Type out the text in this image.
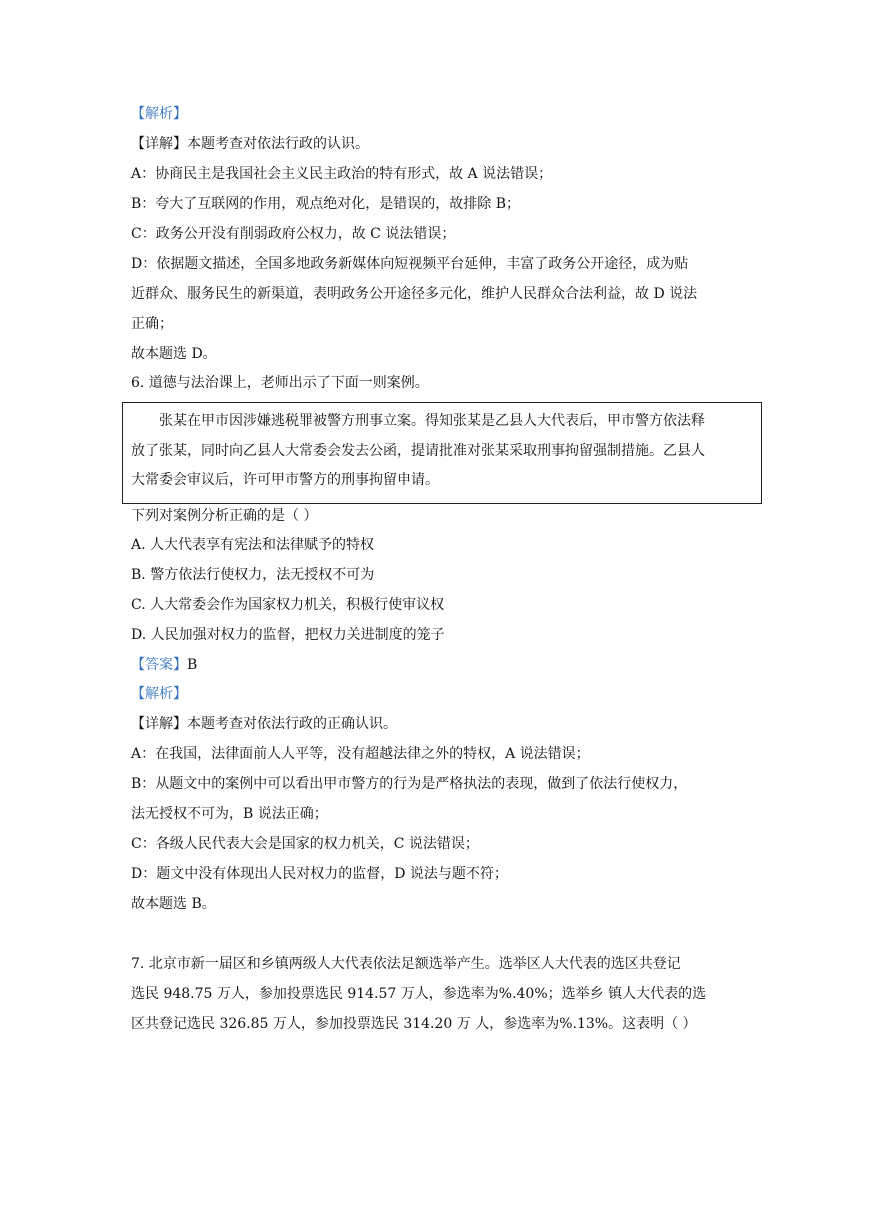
【解析】
【详解】本题考查对依法行政的认识。
A：协商民主是我国社会主义民主政治的特有形式，故 A 说法错误；
B：夸大了互联网的作用，观点绝对化，是错误的，故排除 B；
C：政务公开没有削弱政府公权力，故 C 说法错误；
D：依据题文描述，全国多地政务新媒体向短视频平台延伸，丰富了政务公开途径，成为贴
近群众、服务民生的新渠道，表明政务公开途径多元化，维护人民群众合法利益，故 D 说法
正确；
故本题选 D。
6. 道德与法治课上，老师出示了下面一则案例。
张某在甲市因涉嫌逃税罪被警方刑事立案。得知张某是乙县人大代表后，甲市警方依法释
放了张某，同时向乙县人大常委会发去公函，提请批准对张某采取刑事拘留强制措施。乙县人
大常委会审议后，许可甲市警方的刑事拘留申请。
下列对案例分析正确的是（ ）
A. 人大代表享有宪法和法律赋予的特权
B. 警方依法行使权力，法无授权不可为
C. 人大常委会作为国家权力机关，积极行使审议权
D. 人民加强对权力的监督，把权力关进制度的笼子
【答案】B
【解析】
【详解】本题考查对依法行政的正确认识。
A：在我国，法律面前人人平等，没有超越法律之外的特权，A 说法错误；
B：从题文中的案例中可以看出甲市警方的行为是严格执法的表现，做到了依法行使权力，
法无授权不可为，B 说法正确；
C：各级人民代表大会是国家的权力机关，C 说法错误；
D：题文中没有体现出人民对权力的监督，D 说法与题不符；
故本题选 B。
7. 北京市新一届区和乡镇两级人大代表依法足额选举产生。选举区人大代表的选区共登记
选民 948.75 万人，参加投票选民 914.57 万人，参选率为%.40%；选举乡 镇人大代表的选
区共登记选民 326.85 万人，参加投票选民 314.20 万 人，参选率为%.13%。这表明（ ）
